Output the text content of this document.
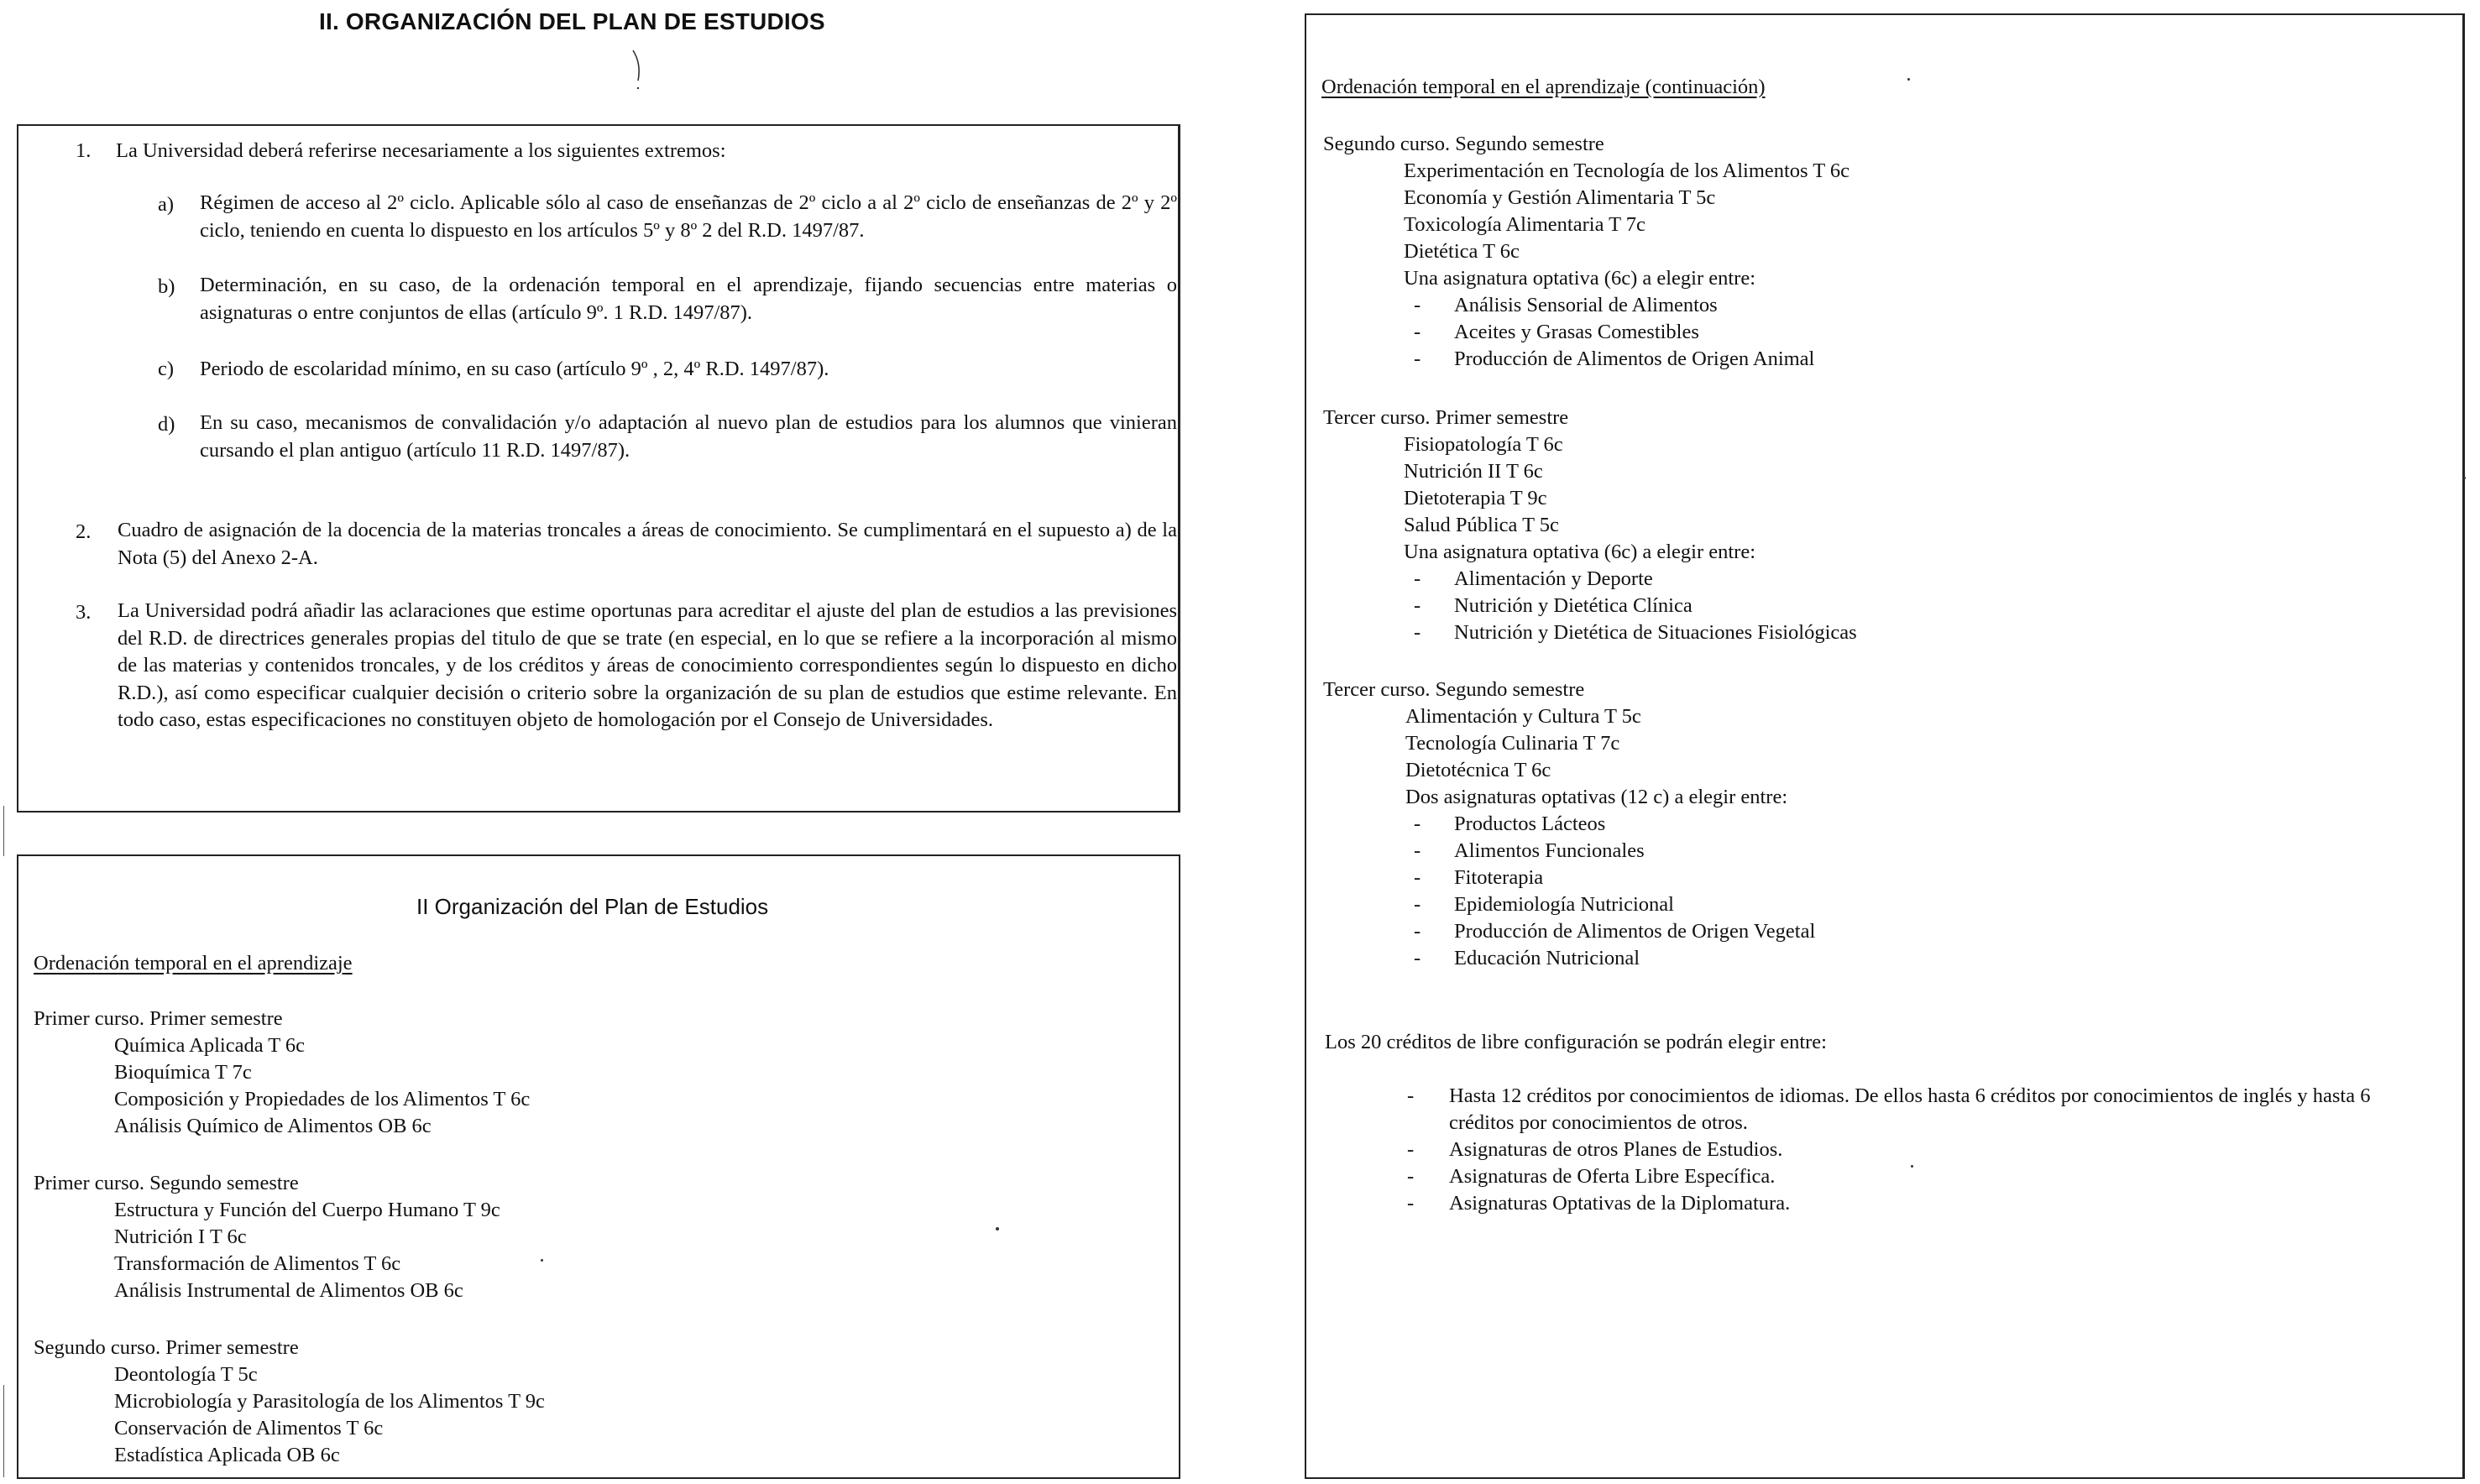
II. ORGANIZACIÓN DEL PLAN DE ESTUDIOS
1. La Universidad deberá referirse necesariamente a los siguientes extremos:
a) Régimen de acceso al 2º ciclo. Aplicable sólo al caso de enseñanzas de 2º ciclo a al 2º ciclo de enseñanzas de 2º y 2º ciclo, teniendo en cuenta lo dispuesto en los artículos 5º y 8º 2 del R.D. 1497/87.
b) Determinación, en su caso, de la ordenación temporal en el aprendizaje, fijando secuencias entre materias o asignaturas o entre conjuntos de ellas (artículo 9º. 1 R.D. 1497/87).
c) Periodo de escolaridad mínimo, en su caso (artículo 9º , 2, 4º R.D. 1497/87).
d) En su caso, mecanismos de convalidación y/o adaptación al nuevo plan de estudios para los alumnos que vinieran cursando el plan antiguo (artículo 11 R.D. 1497/87).
2. Cuadro de asignación de la docencia de la materias troncales a áreas de conocimiento. Se cumplimentará en el supuesto a) de la Nota (5) del Anexo 2-A.
3. La Universidad podrá añadir las aclaraciones que estime oportunas para acreditar el ajuste del plan de estudios a las previsiones del R.D. de directrices generales propias del titulo de que se trate (en especial, en lo que se refiere a la incorporación al mismo de las materias y contenidos troncales, y de los créditos y áreas de conocimiento correspondientes según lo dispuesto en dicho R.D.), así como especificar cualquier decisión o criterio sobre la organización de su plan de estudios que estime relevante. En todo caso, estas especificaciones no constituyen objeto de homologación por el Consejo de Universidades.
II Organización del Plan de Estudios
Ordenación temporal en el aprendizaje
Primer curso. Primer semestre
Química Aplicada T 6c
Bioquímica T 7c
Composición y Propiedades de los Alimentos T 6c
Análisis Químico de Alimentos OB 6c
Primer curso. Segundo semestre
Estructura y Función del Cuerpo Humano T 9c
Nutrición I T 6c
Transformación de Alimentos T 6c
Análisis Instrumental de Alimentos OB 6c
Segundo curso. Primer semestre
Deontología T 5c
Microbiología y Parasitología de los Alimentos T 9c
Conservación de Alimentos T 6c
Estadística Aplicada OB 6c
Ordenación temporal en el aprendizaje (continuación)
Segundo curso. Segundo semestre
Experimentación en Tecnología de los Alimentos T 6c
Economía y Gestión Alimentaria T 5c
Toxicología Alimentaria T 7c
Dietética T 6c
Una asignatura optativa (6c) a elegir entre:
- Análisis Sensorial de Alimentos
- Aceites y Grasas Comestibles
- Producción de Alimentos de Origen Animal
Tercer curso. Primer semestre
Fisiopatología T 6c
Nutrición II T 6c
Dietoterapia T 9c
Salud Pública T 5c
Una asignatura optativa (6c) a elegir entre:
- Alimentación y Deporte
- Nutrición y Dietética Clínica
- Nutrición y Dietética de Situaciones Fisiológicas
Tercer curso. Segundo semestre
Alimentación y Cultura T 5c
Tecnología Culinaria T 7c
Dietotécnica T 6c
Dos asignaturas optativas (12 c) a elegir entre:
- Productos Lácteos
- Alimentos Funcionales
- Fitoterapia
- Epidemiología Nutricional
- Producción de Alimentos de Origen Vegetal
- Educación Nutricional
Los 20 créditos de libre configuración se podrán elegir entre:
- Hasta 12 créditos por conocimientos de idiomas. De ellos hasta 6 créditos por conocimientos de inglés y hasta 6
créditos por conocimientos de otros.
- Asignaturas de otros Planes de Estudios.
- Asignaturas de Oferta Libre Específica.
- Asignaturas Optativas de la Diplomatura.
